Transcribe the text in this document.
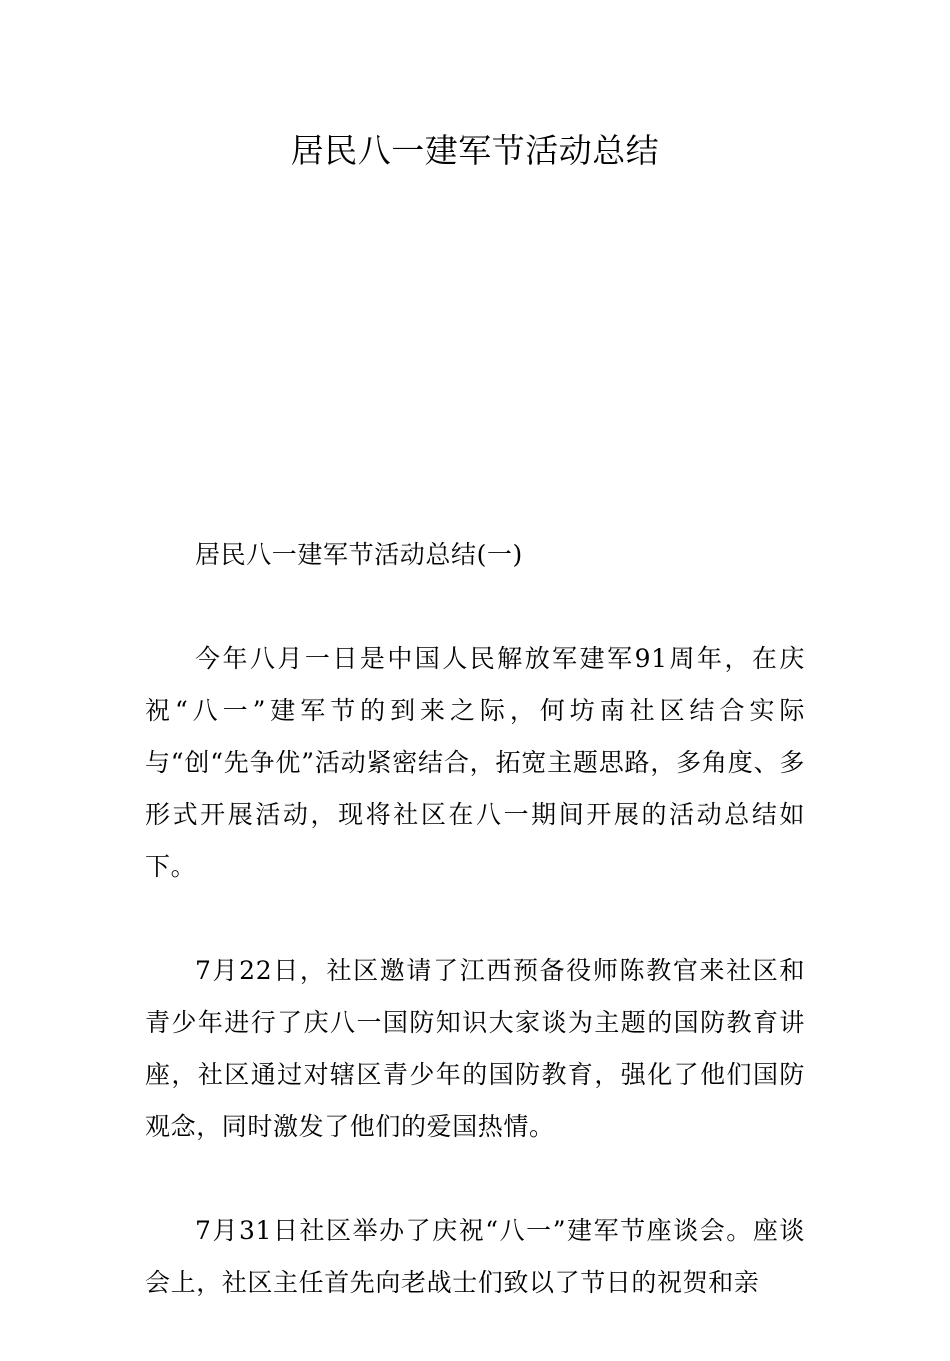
居民八一建军节活动总结

居民八一建军节活动总结(一)

今年八月一日是中国人民解放军建军91周年，在庆祝“八一”建军节的到来之际，何坊南社区结合实际与“创“先争优”活动紧密结合，拓宽主题思路，多角度、多形式开展活动，现将社区在八一期间开展的活动总结如下。

7月22日，社区邀请了江西预备役师陈教官来社区和青少年进行了庆八一国防知识大家谈为主题的国防教育讲座，社区通过对辖区青少年的国防教育，强化了他们国防观念，同时激发了他们的爱国热情。

7月31日社区举办了庆祝“八一”建军节座谈会。座谈会上，社区主任首先向老战士们致以了节日的祝贺和亲
